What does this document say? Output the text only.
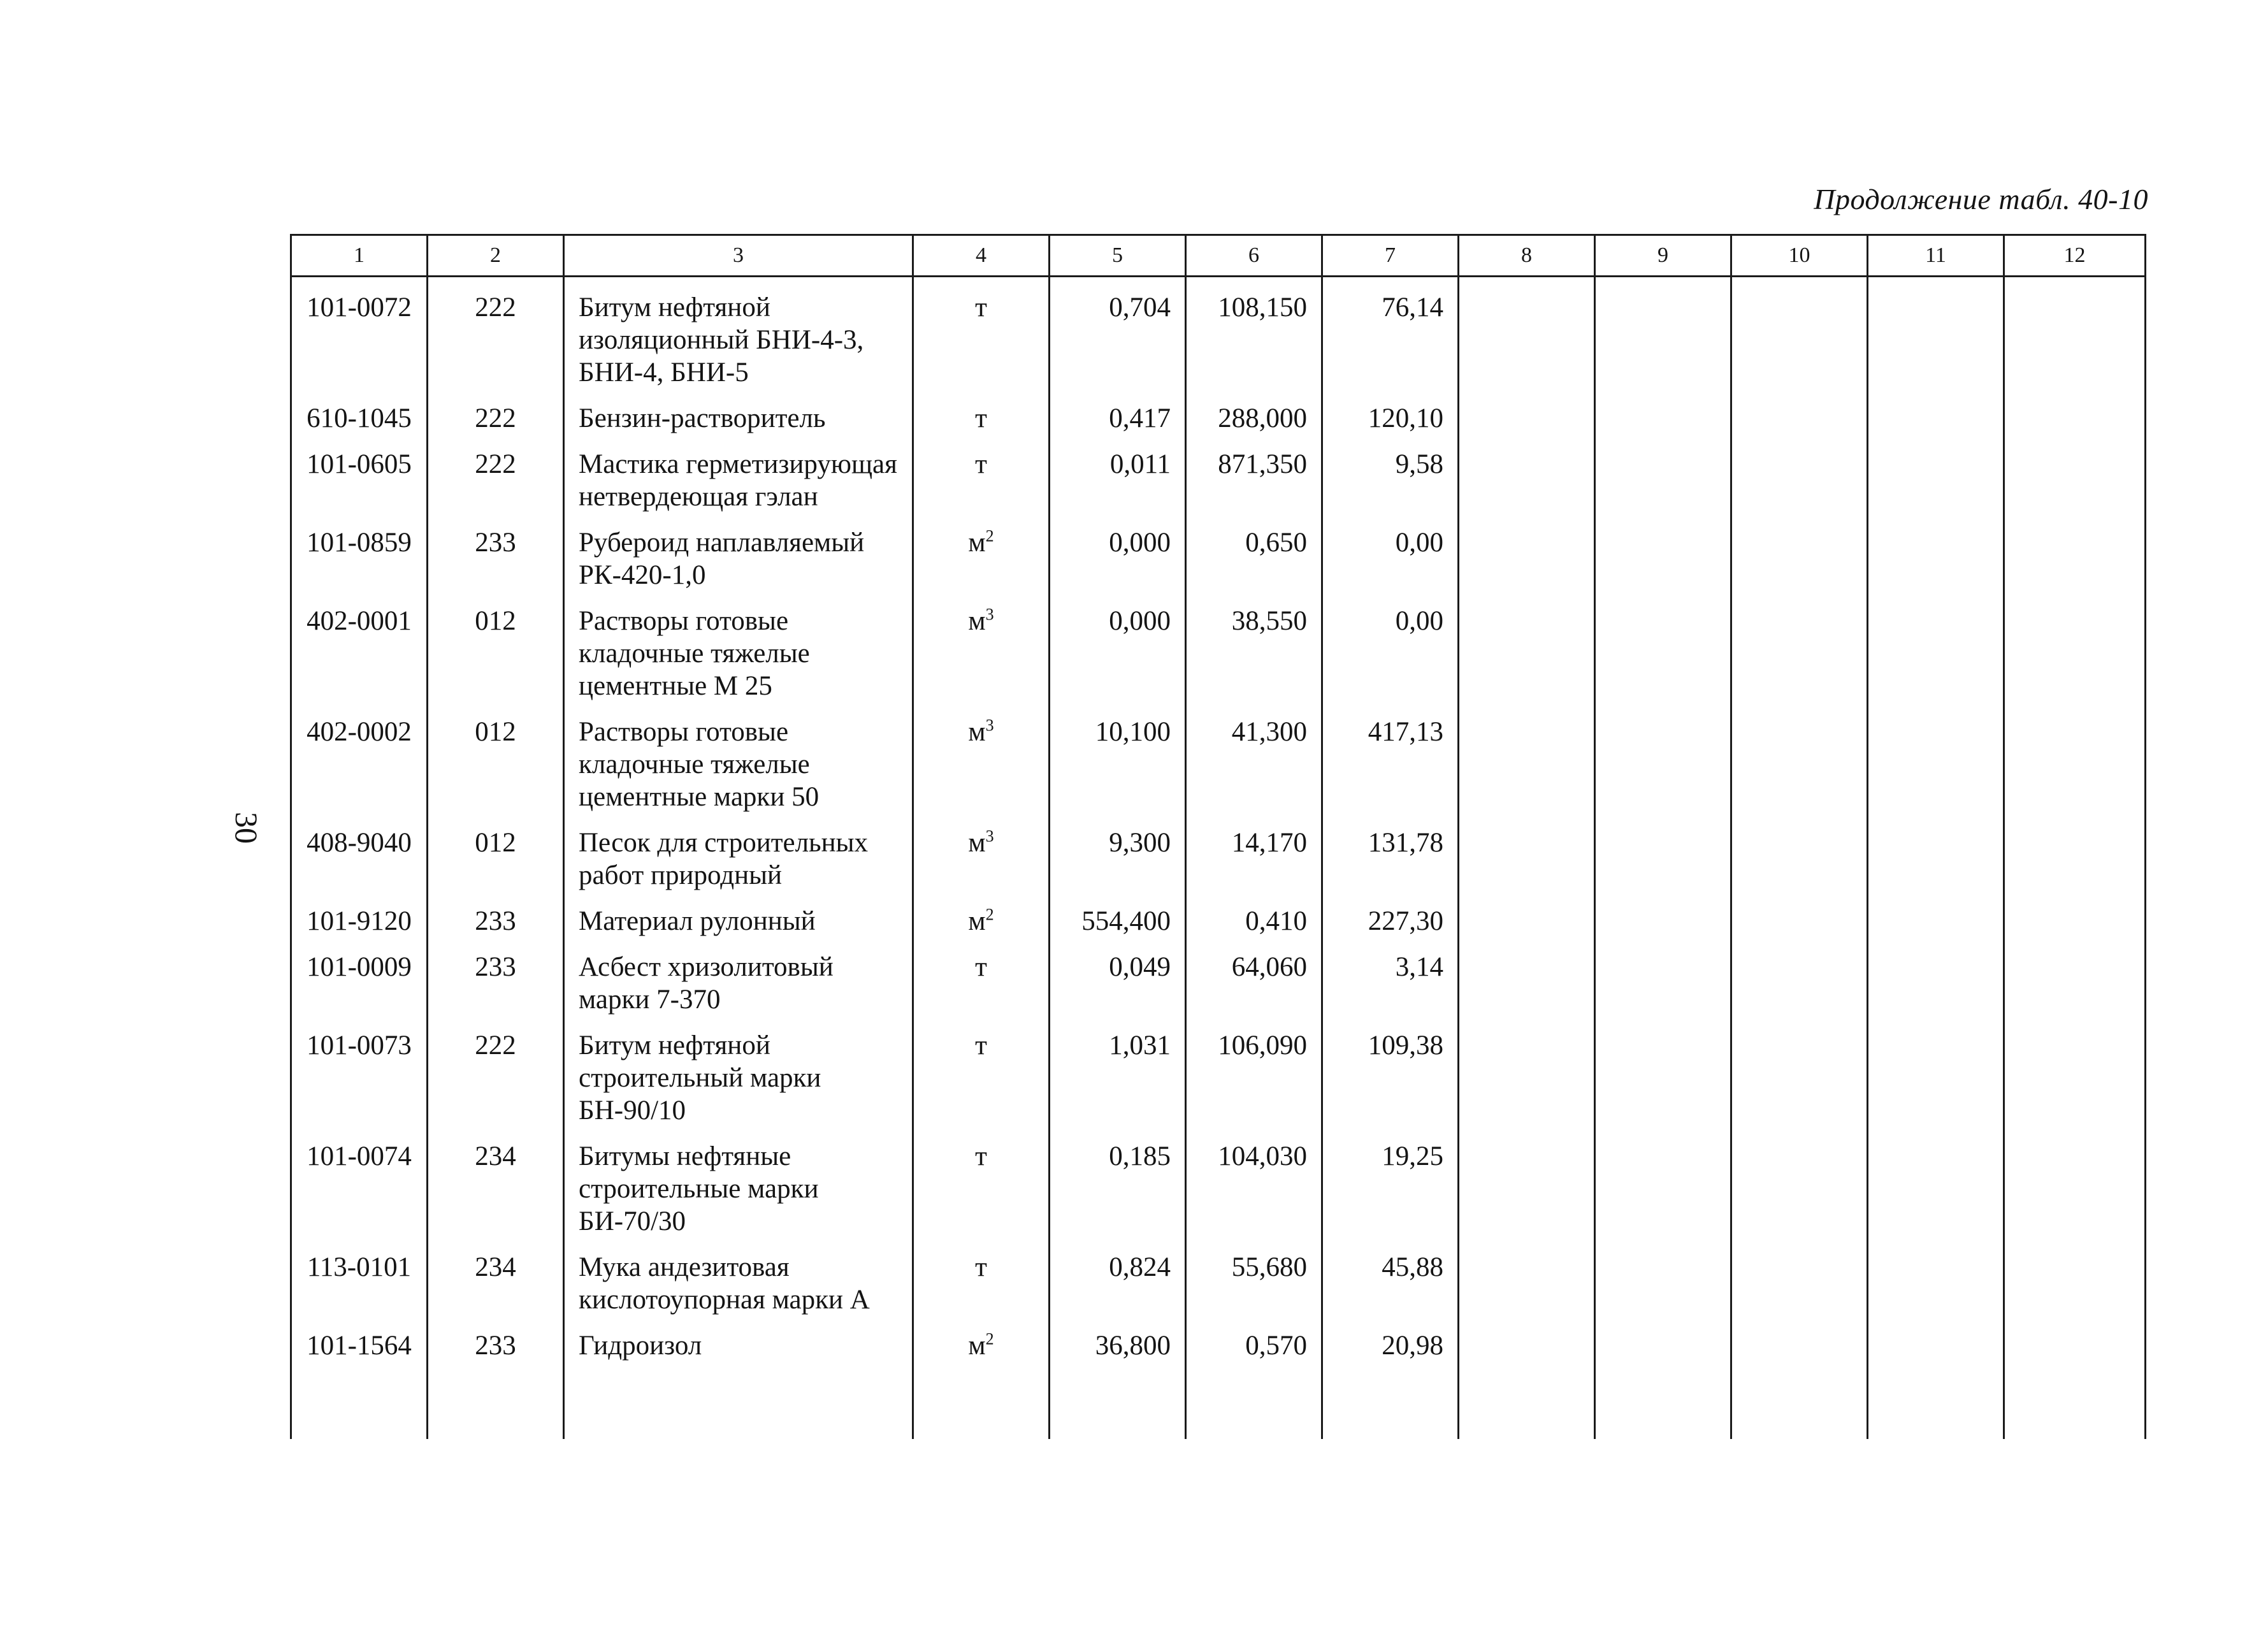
Продолжение табл. 40-10
30
1	2	3	4	5	6	7	8	9	10	11	12
101-0072	222	Битум нефтяной изоляционный БНИ-4-3, БНИ-4, БНИ-5	т	0,704	108,150	76,14					
610-1045	222	Бензин-растворитель	т	0,417	288,000	120,10					
101-0605	222	Мастика герметизирующая нетвердеющая гэлан	т	0,011	871,350	9,58					
101-0859	233	Рубероид наплавляемый РК-420-1,0	$м^2$	0,000	0,650	0,00					
402-0001	012	Растворы готовые кладочные тяжелые цементные М 25	$м^3$	0,000	38,550	0,00					
402-0002	012	Растворы готовые кладочные тяжелые цементные марки 50	$м^3$	10,100	41,300	417,13					
408-9040	012	Песок для строительных работ природный	$м^3$	9,300	14,170	131,78					
101-9120	233	Материал рулонный	$м^2$	554,400	0,410	227,30					
101-0009	233	Асбест хризолитовый марки 7-370	т	0,049	64,060	3,14					
101-0073	222	Битум нефтяной строительный марки БН-90/10	т	1,031	106,090	109,38					
101-0074	234	Битумы нефтяные строительные марки БИ-70/30	т	0,185	104,030	19,25					
113-0101	234	Мука андезитовая кислотоупорная марки А	т	0,824	55,680	45,88					
101-1564	233	Гидроизол	$м^2$	36,800	0,570	20,98					
